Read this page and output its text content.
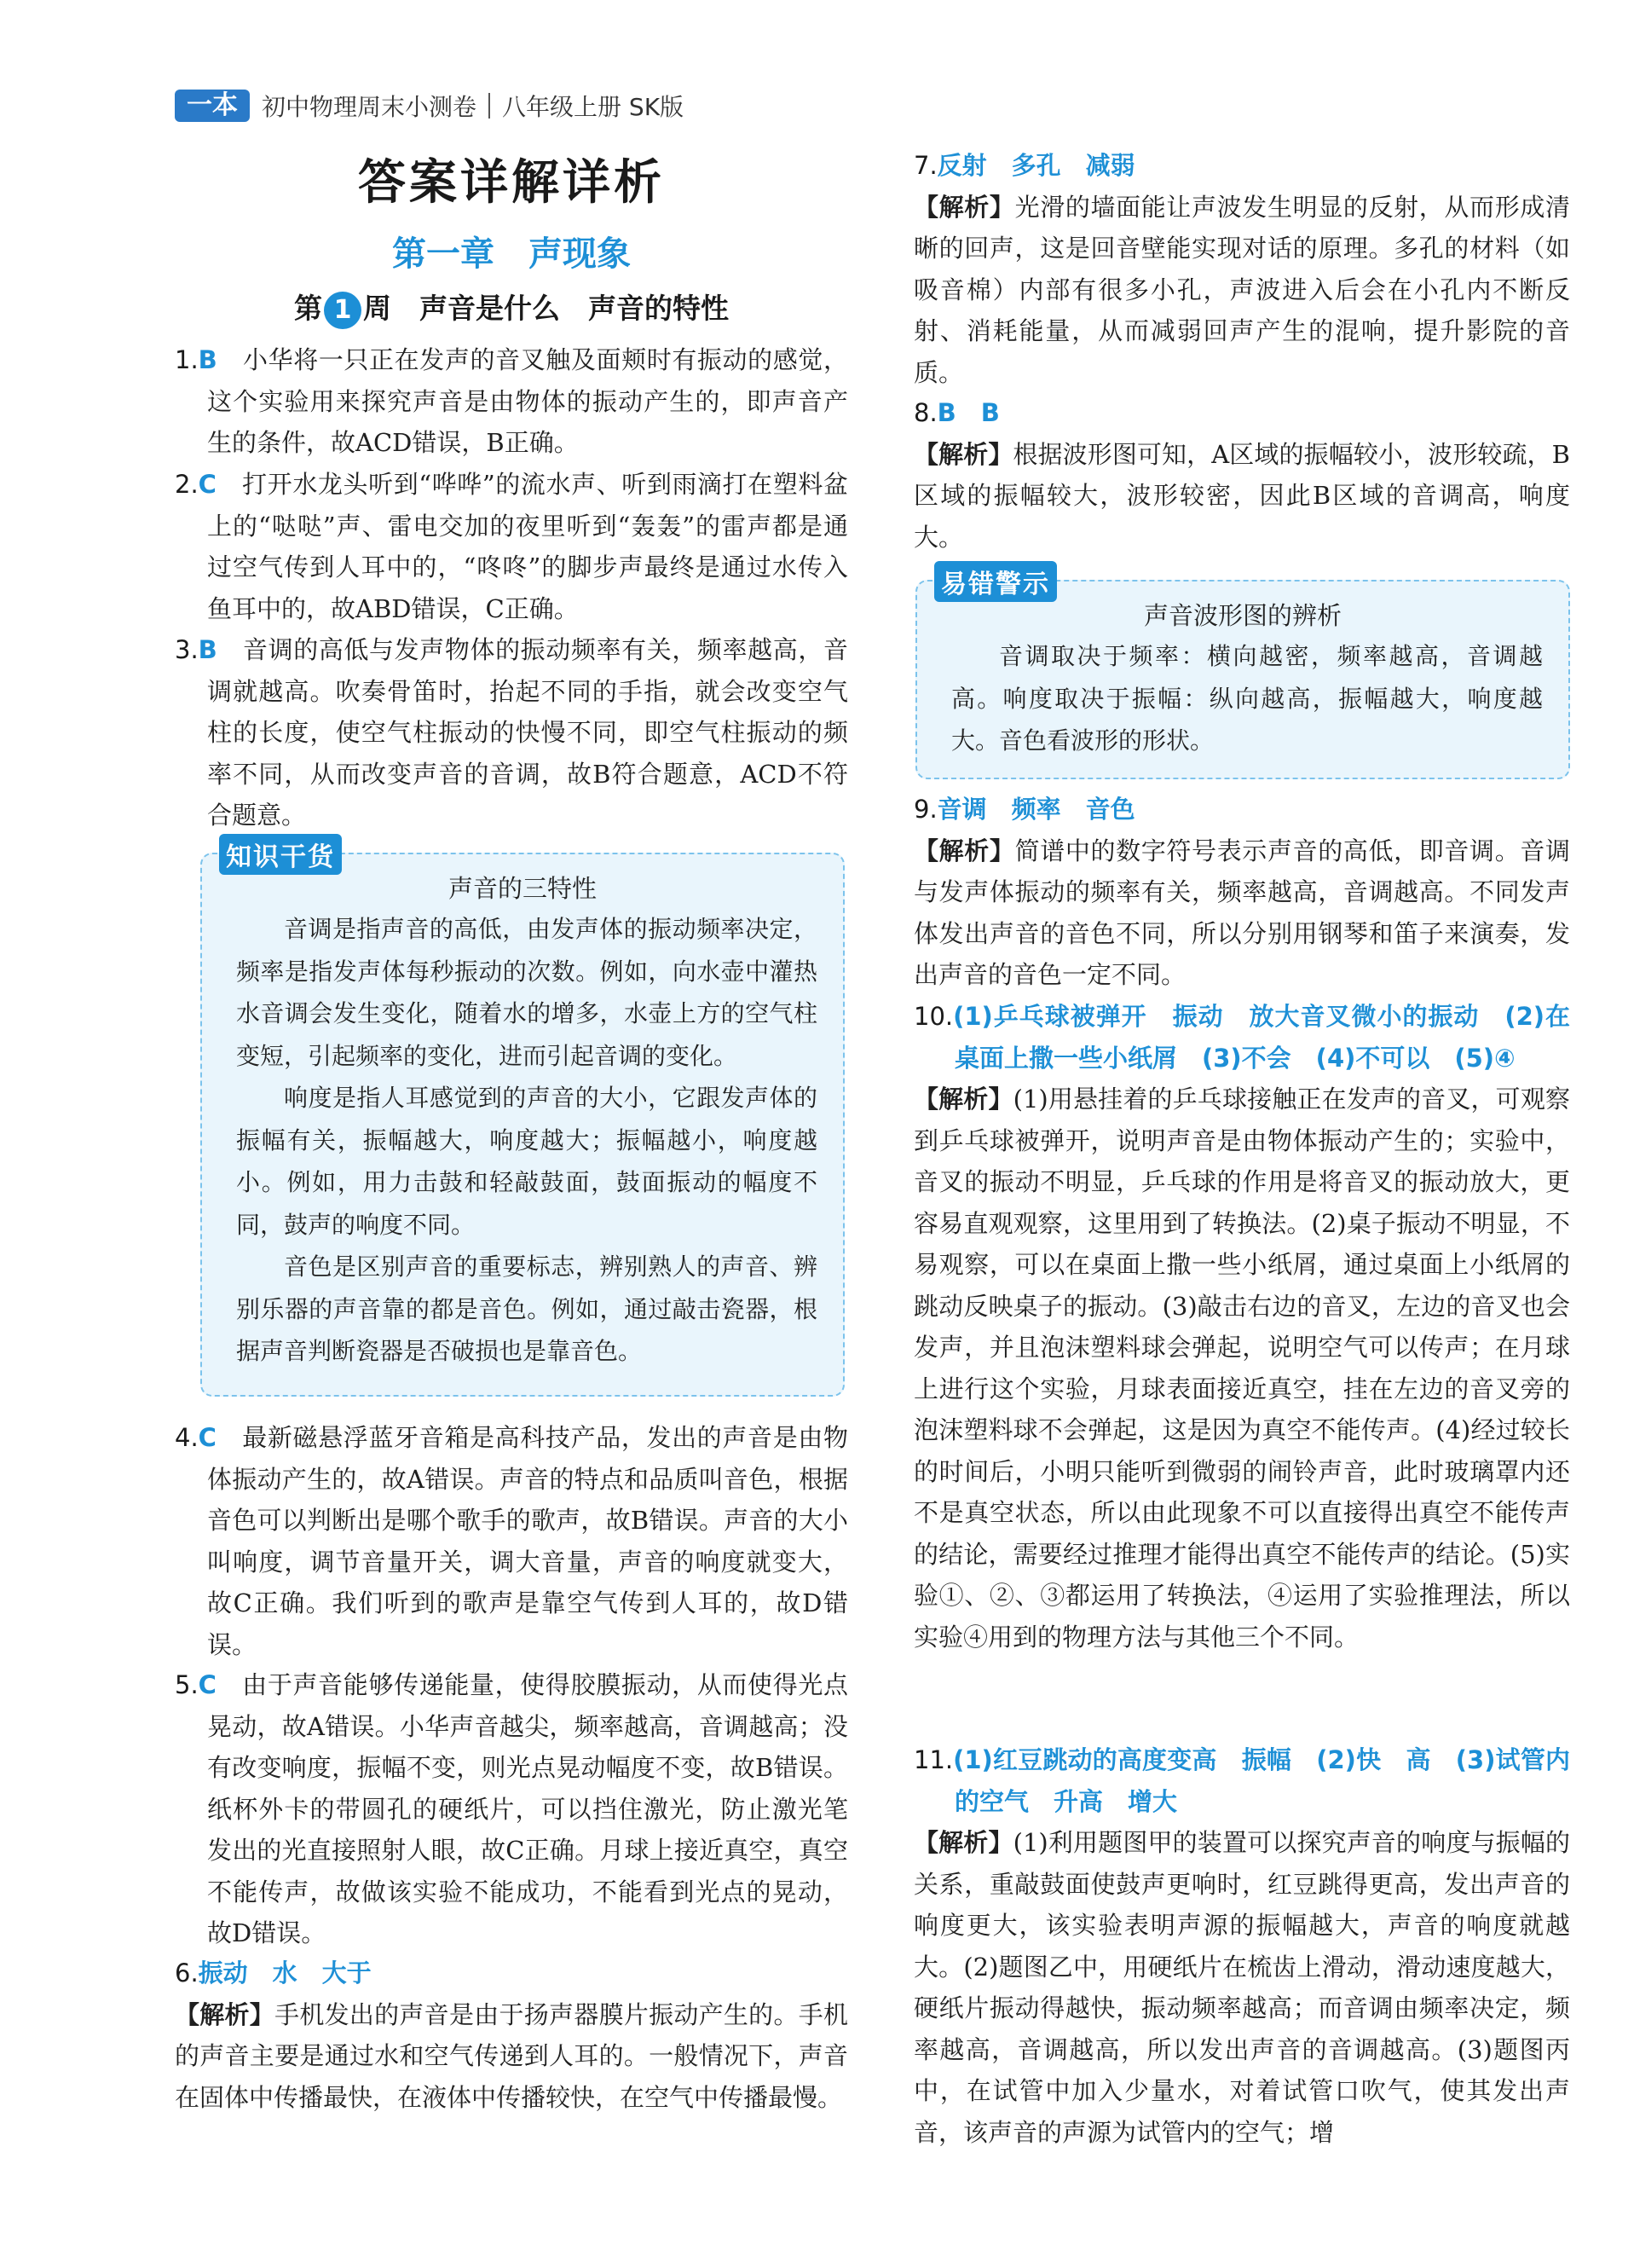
一本	初中物理周末小测卷 八年级上册 SK版
答案详解详析
第一章　声现象
第 1 周　声音是什么　声音的特性

1.B　 小华将一只正在发声的音叉触及面颊时有振动的感觉，这个实验用来探究声音是由物体的振动产生的，即声音产生的条件，故ACD错误，B正确。

2.C　 打开水龙头听到“哗哗”的流水声、听到雨滴打在塑料盆上的“哒哒”声、雷电交加的夜里听到“轰轰”的雷声都是通过空气传到人耳中的，“咚咚”的脚步声最终是通过水传入鱼耳中的，故ABD错误，C正确。

3.B　 音调的高低与发声物体的振动频率有关，频率越高，音调就越高。吹奏骨笛时，抬起不同的手指，就会改变空气柱的长度，使空气柱振动的快慢不同，即空气柱振动的频率不同，从而改变声音的音调，故B符合题意，ACD不符合题意。

知识干货
声音的三特性

音调是指声音的高低，由发声体的振动频率决定，频率是指发声体每秒振动的次数。例如，向水壶中灌热水音调会发生变化，随着水的增多，水壶上方的空气柱变短，引起频率的变化，进而引起音调的变化。

响度是指人耳感觉到的声音的大小，它跟发声体的振幅有关，振幅越大，响度越大；振幅越小，响度越小。例如，用力击鼓和轻敲鼓面，鼓面振动的幅度不同，鼓声的响度不同。

音色是区别声音的重要标志，辨别熟人的声音、辨别乐器的声音靠的都是音色。例如，通过敲击瓷器，根据声音判断瓷器是否破损也是靠音色。

4.C　 最新磁悬浮蓝牙音箱是高科技产品，发出的声音是由物体振动产生的，故A错误。声音的特点和品质叫音色，根据音色可以判断出是哪个歌手的歌声，故B错误。声音的大小叫响度，调节音量开关，调大音量，声音的响度就变大，故C正确。我们听到的歌声是靠空气传到人耳的，故D错误。

5.C　 由于声音能够传递能量，使得胶膜振动，从而使得光点晃动，故A错误。小华声音越尖，频率越高，音调越高；没有改变响度，振幅不变，则光点晃动幅度不变，故B错误。纸杯外卡的带圆孔的硬纸片，可以挡住激光，防止激光笔发出的光直接照射人眼，故C正确。月球上接近真空，真空不能传声，故做该实验不能成功，不能看到光点的晃动，故D错误。

6.振动　水　大于

【解析】手机发出的声音是由于扬声器膜片振动产生的。手机的声音主要是通过水和空气传递到人耳的。一般情况下，声音在固体中传播最快，在液体中传播较快，在空气中传播最慢。

7.反射　多孔　减弱

【解析】光滑的墙面能让声波发生明显的反射，从而形成清晰的回声，这是回音壁能实现对话的原理。多孔的材料（如吸音棉）内部有很多小孔，声波进入后会在小孔内不断反射、消耗能量，从而减弱回声产生的混响，提升影院的音质。

8.B　B

【解析】根据波形图可知，A区域的振幅较小，波形较疏，B区域的振幅较大，波形较密，因此B区域的音调高，响度大。

易错警示
声音波形图的辨析

音调取决于频率：横向越密，频率越高，音调越高。响度取决于振幅：纵向越高，振幅越大，响度越大。音色看波形的形状。

9.音调　频率　音色

【解析】简谱中的数字符号表示声音的高低，即音调。音调与发声体振动的频率有关，频率越高，音调越高。不同发声体发出声音的音色不同，所以分别用钢琴和笛子来演奏，发出声音的音色一定不同。

10.(1)乒乓球被弹开　振动　放大音叉微小的振动　(2)在桌面上撒一些小纸屑　(3)不会　(4)不可以　(5)④

【解析】(1)用悬挂着的乒乓球接触正在发声的音叉，可观察到乒乓球被弹开，说明声音是由物体振动产生的；实验中，音叉的振动不明显，乒乓球的作用是将音叉的振动放大，更容易直观观察，这里用到了转换法。(2)桌子振动不明显，不易观察，可以在桌面上撒一些小纸屑，通过桌面上小纸屑的跳动反映桌子的振动。(3)敲击右边的音叉，左边的音叉也会发声，并且泡沫塑料球会弹起，说明空气可以传声；在月球上进行这个实验，月球表面接近真空，挂在左边的音叉旁的泡沫塑料球不会弹起，这是因为真空不能传声。(4)经过较长的时间后，小明只能听到微弱的闹铃声音，此时玻璃罩内还不是真空状态，所以由此现象不可以直接得出真空不能传声的结论，需要经过推理才能得出真空不能传声的结论。(5)实验①、②、③都运用了转换法，④运用了实验推理法，所以实验④用到的物理方法与其他三个不同。

11.(1)红豆跳动的高度变高　振幅　(2)快　高　(3)试管内的空气　升高　增大

【解析】(1)利用题图甲的装置可以探究声音的响度与振幅的关系，重敲鼓面使鼓声更响时，红豆跳得更高，发出声音的响度更大，该实验表明声源的振幅越大，声音的响度就越大。(2)题图乙中，用硬纸片在梳齿上滑动，滑动速度越大，硬纸片振动得越快，振动频率越高；而音调由频率决定，频率越高，音调越高，所以发出声音的音调越高。(3)题图丙中，在试管中加入少量水，对着试管口吹气，使其发出声音，该声音的声源为试管内的空气；增
